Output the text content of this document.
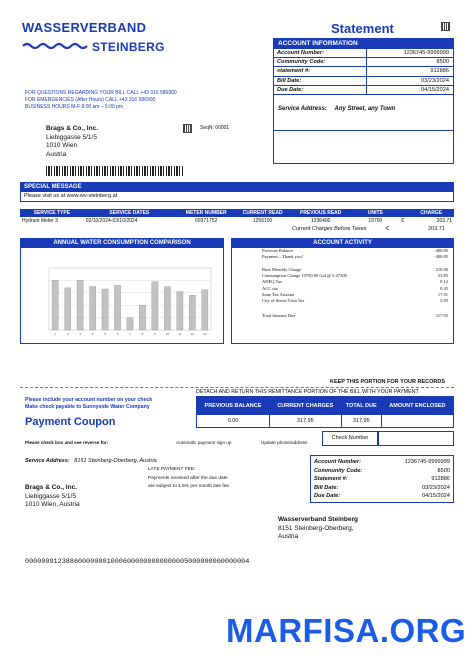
WASSERVERBAND
STEINBERG
Statement
FOR QUESTIONS REGARDING YOUR BILL CALL +43 316 586900
FOR EMERGENCIES (After Hours) CALL +43 316 586900
BUSINESS HOURS M-F 8:00 am – 5:00 pm
Brags & Co., Inc.
Liebiggasse 5/1/5
1010 Wien
Austria
SeqN: 00001
ACCOUNT INFORMATION
Account Number:	1236745-9999999
Community Code:	8500
statement #:	912886
Bill Date:	03/23/2024
Due Date:	04/15/2024
Service Address: Any Street, any Town
SPECIAL MESSAGE
Please visit us at www.wv-steinberg.at
SERVICE TYPE	SERVICE DATES	METER NUMBER	CURRENT READ	PREVIOUS READ	UNITS		CHARGE
Hydrant Meter 3	02/10/2024-03/10/2024	69371752	1256100	1236400	19700	€	203.71
Current Charges Before Taxes	€	203.71
ANNUAL WATER CONSUMPTION COMPARISON
1	2	3	4	5	6	7	8	9	10	11	12	13
ACCOUNT ACTIVITY
Previous Balance	-400.85
Payment – Thank you!	-400.85

Base Monthly Charge	210.00
Consumption Charge 19700.00 Gal @ 0.27300	53.85
ADEQ Tax	0.12
ACC tax	0.45
State Tax Arizona	17.91
City of Sierra Vista Tax	5.85

Total Amount Due	317.95
KEEP THIS PORTION FOR YOUR RECORDS
DETACH AND RETURN THIS REMITTANCE PORTION OF THE BILL WITH YOUR PAYMENT
Please include your account number on your check
Make check payable to Sunnyside Water Company
Payment Coupon
PREVIOUS BALANCE	CURRENT CHARGES	TOTAL DUE	AMOUNT ENCLOSED
0.00	317.95	317.95	
Check Number
Please check box and see reverse for:	Automatic payment sign up	Update phone/address
Service Address: 8151 Steinberg-Oberberg, Austria
LATE PAYMENT FEE:
Payments received after the due date
are subject to 1.5% per month late fee
Brags & Co., Inc.
Liebiggasse 5/1/5
1010 Wien, Austria
Account Number:	1236745-9999999
Community Code:	8500
Statement #:	912886
Bill Date:	03/23/2024
Due Date:	04/15/2024
Wasserverband Steinberg
8151 Steinberg-Oberberg,
Austria
0000009123886000000010006000000000000005000000000000004
MARFISA.ORG
